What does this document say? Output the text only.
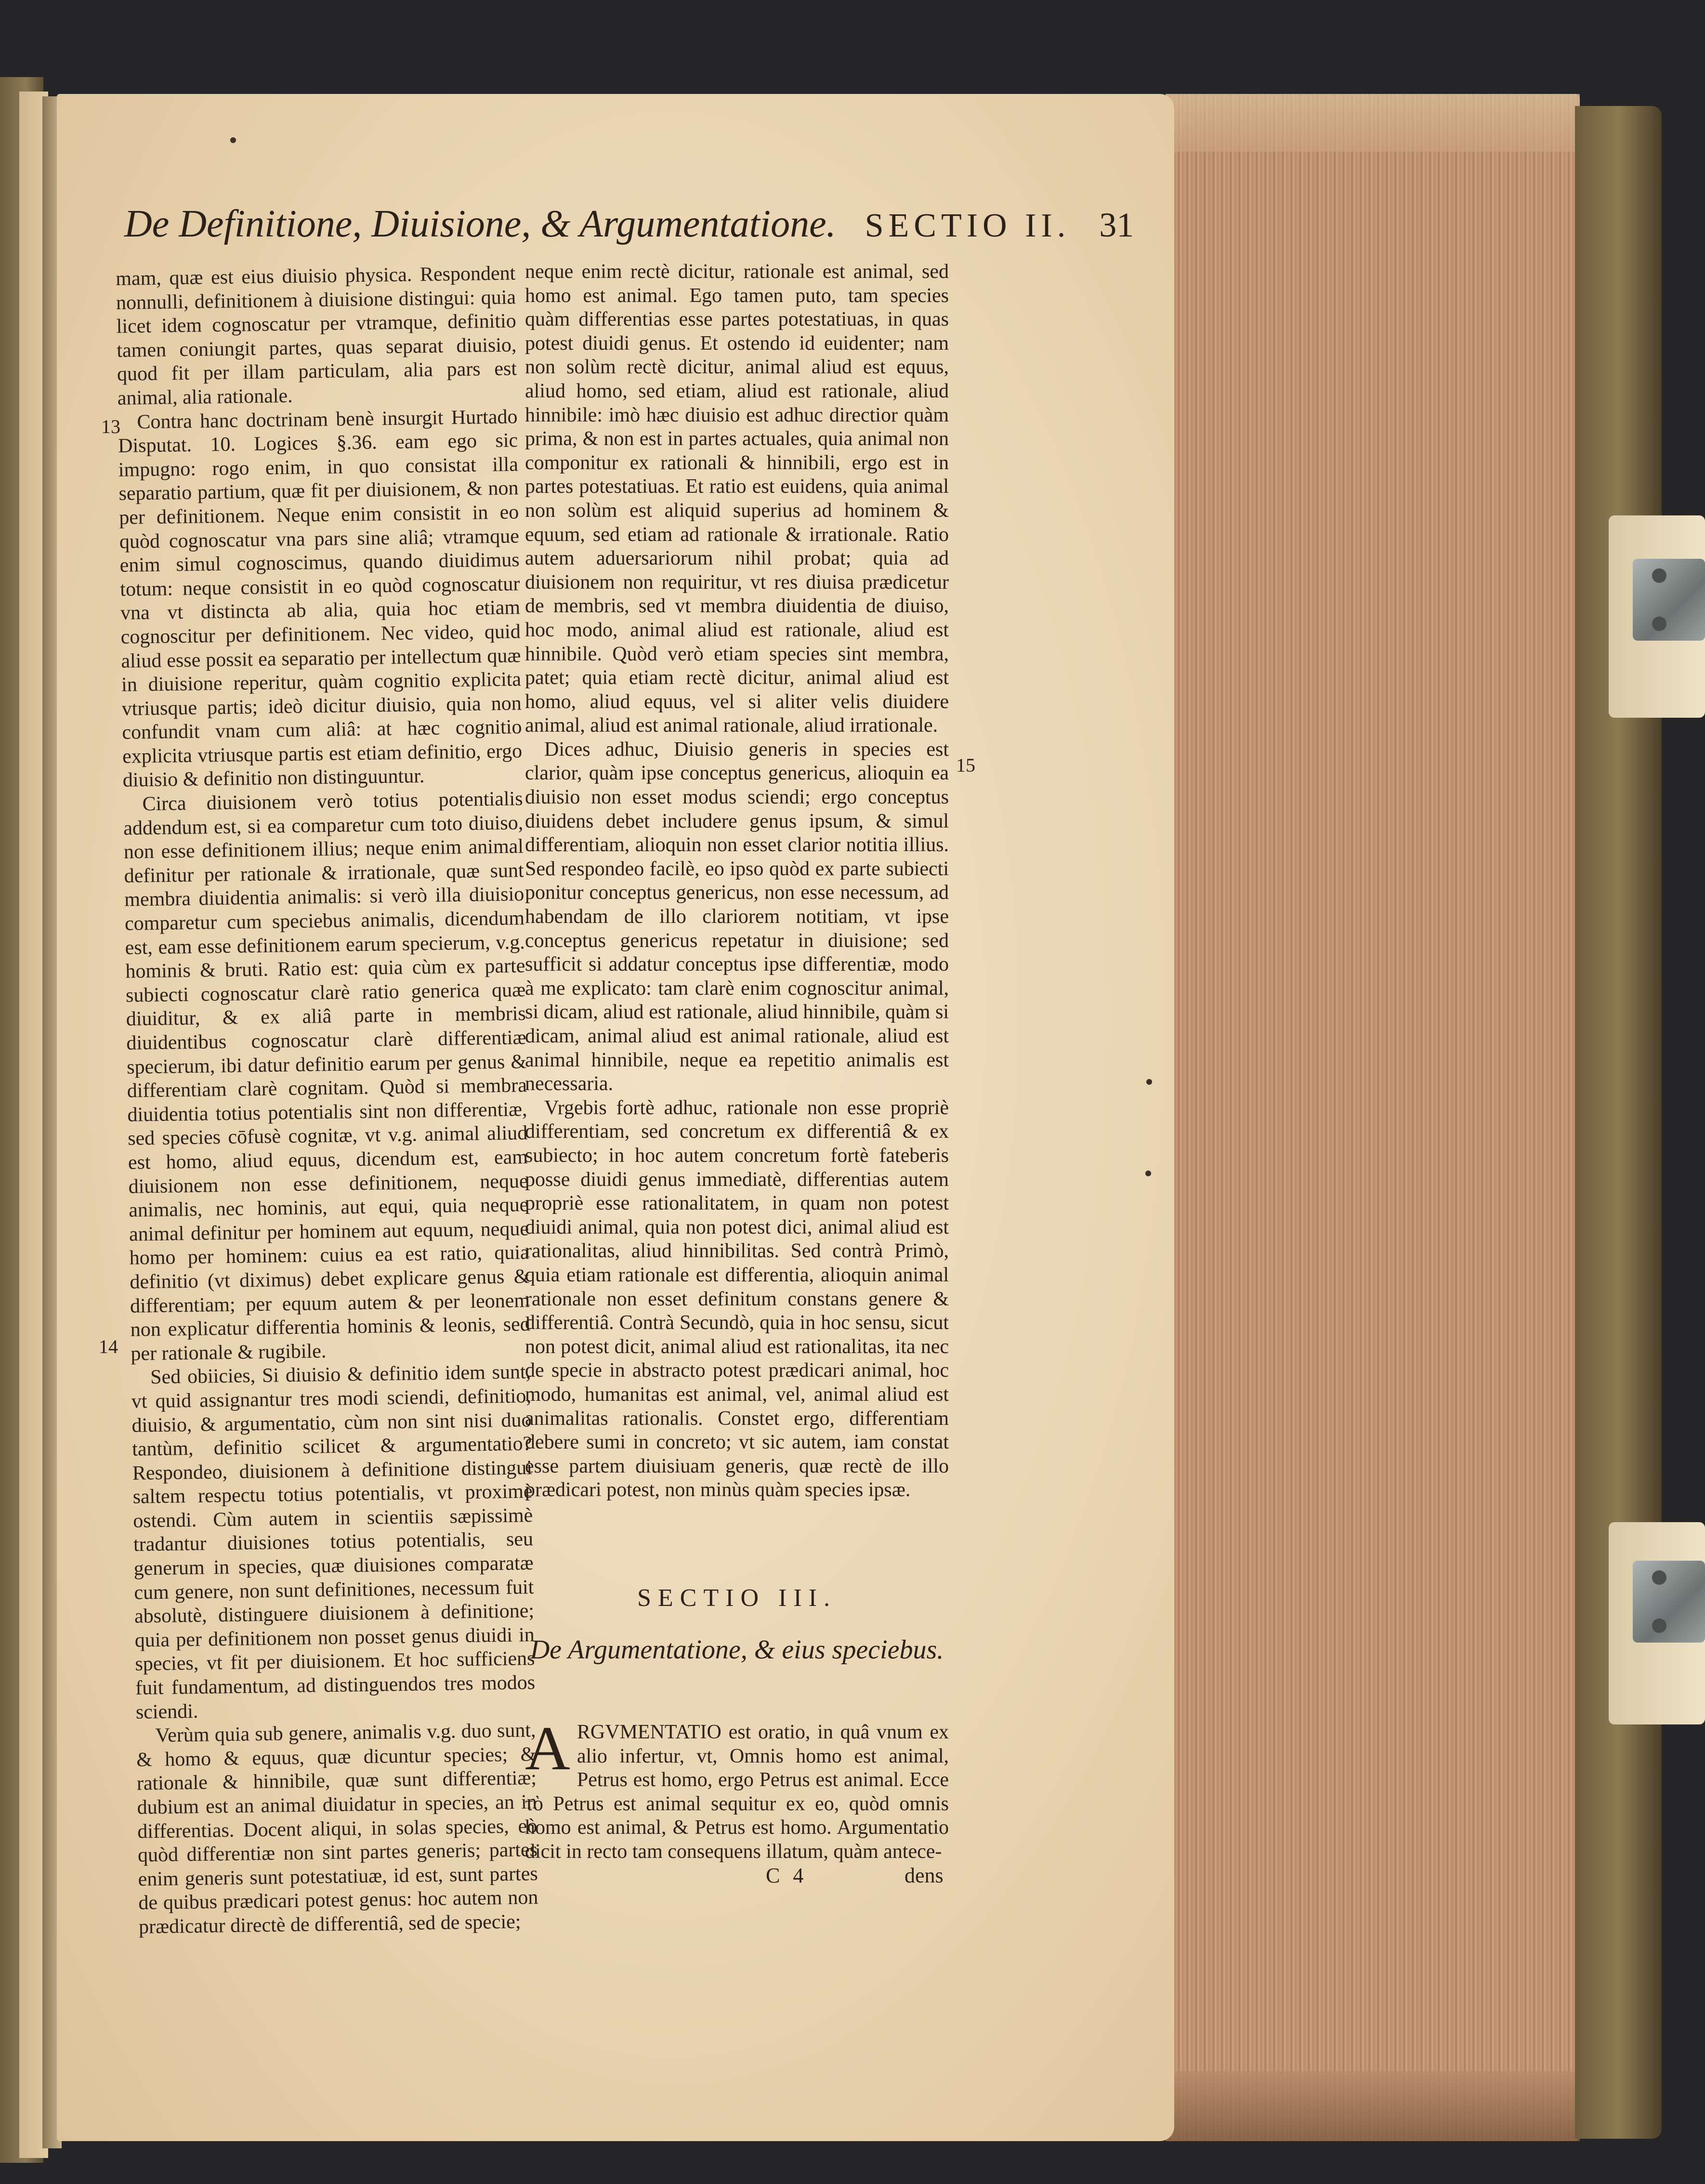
De Definitione, Diuisione, & Argumentatione. SECTIO II. 31

mam, quæ est eius diuisio physica. Respondent nonnulli, definitionem à diuisione distingui: quia licet idem cognoscatur per vtramque, definitio tamen coniungit partes, quas separat diuisio, quod fit per illam particulam, alia pars est animal, alia rationale.

Contra hanc doctrinam benè insurgit Hurtado Disputat. 10. Logices §.36. eam ego sic impugno: rogo enim, in quo consistat illa separatio partium, quæ fit per diuisionem, & non per definitionem. Neque enim consistit in eo quòd cognoscatur vna pars sine aliâ; vtramque enim simul cognoscimus, quando diuidimus totum: neque consistit in eo quòd cognoscatur vna vt distincta ab alia, quia hoc etiam cognoscitur per definitionem. Nec video, quid aliud esse possit ea separatio per intellectum quæ in diuisione reperitur, quàm cognitio explicita vtriusque partis; ideò dicitur diuisio, quia non confundit vnam cum aliâ: at hæc cognitio explicita vtriusque partis est etiam definitio, ergo diuisio & definitio non distinguuntur.

Circa diuisionem verò totius potentialis addendum est, si ea comparetur cum toto diuiso, non esse definitionem illius; neque enim animal definitur per rationale & irrationale, quæ sunt membra diuidentia animalis: si verò illa diuisio comparetur cum speciebus animalis, dicendum est, eam esse definitionem earum specierum, v.g. hominis & bruti. Ratio est: quia cùm ex parte subiecti cognoscatur clarè ratio generica quæ diuiditur, & ex aliâ parte in membris diuidentibus cognoscatur clarè differentiæ specierum, ibi datur definitio earum per genus & differentiam clarè cognitam. Quòd si membra diuidentia totius potentialis sint non differentiæ, sed species cōfusè cognitæ, vt v.g. animal aliud est homo, aliud equus, dicendum est, eam diuisionem non esse definitionem, neque animalis, nec hominis, aut equi, quia neque animal definitur per hominem aut equum, neque homo per hominem: cuius ea est ratio, quia definitio (vt diximus) debet explicare genus & differentiam; per equum autem & per leonem non explicatur differentia hominis & leonis, sed per rationale & rugibile.

Sed obiicies, Si diuisio & definitio idem sunt, vt quid assignantur tres modi sciendi, definitio, diuisio, & argumentatio, cùm non sint nisi duo tantùm, definitio scilicet & argumentatio? Respondeo, diuisionem à definitione distingui saltem respectu totius potentialis, vt proximè ostendi. Cùm autem in scientiis sæpissimè tradantur diuisiones totius potentialis, seu generum in species, quæ diuisiones comparatæ cum genere, non sunt definitiones, necessum fuit absolutè, distinguere diuisionem à definitione; quia per definitionem non posset genus diuidi in species, vt fit per diuisionem. Et hoc sufficiens fuit fundamentum, ad distinguendos tres modos sciendi.

Verùm quia sub genere, animalis v.g. duo sunt, & homo & equus, quæ dicuntur species; & rationale & hinnibile, quæ sunt differentiæ; dubium est an animal diuidatur in species, an in differentias. Docent aliqui, in solas species, eò quòd differentiæ non sint partes generis; partes enim generis sunt potestatiuæ, id est, sunt partes de quibus prædicari potest genus: hoc autem non prædicatur directè de differentiâ, sed de specie;

13
14
15

neque enim rectè dicitur, rationale est animal, sed homo est animal. Ego tamen puto, tam species quàm differentias esse partes potestatiuas, in quas potest diuidi genus. Et ostendo id euidenter; nam non solùm rectè dicitur, animal aliud est equus, aliud homo, sed etiam, aliud est rationale, aliud hinnibile: imò hæc diuisio est adhuc directior quàm prima, & non est in partes actuales, quia animal non componitur ex rationali & hinnibili, ergo est in partes potestatiuas. Et ratio est euidens, quia animal non solùm est aliquid superius ad hominem & equum, sed etiam ad rationale & irrationale. Ratio autem aduersariorum nihil probat; quia ad diuisionem non requiritur, vt res diuisa prædicetur de membris, sed vt membra diuidentia de diuiso, hoc modo, animal aliud est rationale, aliud est hinnibile. Quòd verò etiam species sint membra, patet; quia etiam rectè dicitur, animal aliud est homo, aliud equus, vel si aliter velis diuidere animal, aliud est animal rationale, aliud irrationale.

Dices adhuc, Diuisio generis in species est clarior, quàm ipse conceptus genericus, alioquin ea diuisio non esset modus sciendi; ergo conceptus diuidens debet includere genus ipsum, & simul differentiam, alioquin non esset clarior notitia illius. Sed respondeo facilè, eo ipso quòd ex parte subiecti ponitur conceptus genericus, non esse necessum, ad habendam de illo clariorem notitiam, vt ipse conceptus genericus repetatur in diuisione; sed sufficit si addatur conceptus ipse differentiæ, modo à me explicato: tam clarè enim cognoscitur animal, si dicam, aliud est rationale, aliud hinnibile, quàm si dicam, animal aliud est animal rationale, aliud est animal hinnibile, neque ea repetitio animalis est necessaria.

Vrgebis fortè adhuc, rationale non esse propriè differentiam, sed concretum ex differentiâ & ex subiecto; in hoc autem concretum fortè fateberis posse diuidi genus immediatè, differentias autem propriè esse rationalitatem, in quam non potest diuidi animal, quia non potest dici, animal aliud est rationalitas, aliud hinnibilitas. Sed contrà Primò, quia etiam rationale est differentia, alioquin animal rationale non esset definitum constans genere & differentiâ. Contrà Secundò, quia in hoc sensu, sicut non potest dicit, animal aliud est rationalitas, ita nec de specie in abstracto potest prædicari animal, hoc modo, humanitas est animal, vel, animal aliud est animalitas rationalis. Constet ergo, differentiam debere sumi in concreto; vt sic autem, iam constat esse partem diuisiuam generis, quæ rectè de illo prædicari potest, non minùs quàm species ipsæ.

SECTIO III.
De Argumentatione, & eius speciebus.
A RGVMENTATIO est oratio, in quâ vnum ex alio infertur, vt, Omnis homo est animal, Petrus est homo, ergo Petrus est animal. Ecce τὸ Petrus est animal sequitur ex eo, quòd omnis homo est animal, & Petrus est homo. Argumentatio dicit in recto tam consequens illatum, quàm antece-
C 4	dens
